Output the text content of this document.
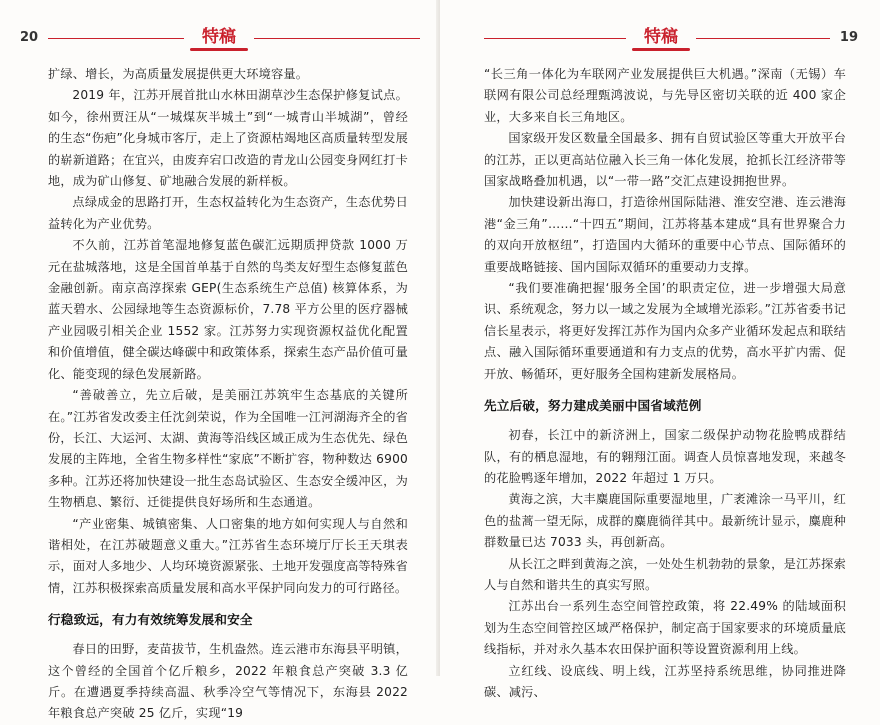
20	特稿

扩绿、增长，为高质量发展提供更大环境容量。

2019 年，江苏开展首批山水林田湖草沙生态保护修复试点。如今，徐州贾汪从“一城煤灰半城土”到“一城青山半城湖”，曾经的生态“伤疤”化身城市客厅，走上了资源枯竭地区高质量转型发展的崭新道路；在宜兴，由废弃宕口改造的青龙山公园变身网红打卡地，成为矿山修复、矿地融合发展的新样板。

点绿成金的思路打开，生态权益转化为生态资产，生态优势日益转化为产业优势。

不久前，江苏首笔湿地修复蓝色碳汇远期质押贷款 1000 万元在盐城落地，这是全国首单基于自然的鸟类友好型生态修复蓝色金融创新。南京高淳探索 GEP(生态系统生产总值) 核算体系，为蓝天碧水、公园绿地等生态资源标价，7.78 平方公里的医疗器械产业园吸引相关企业 1552 家。江苏努力实现资源权益优化配置和价值增值，健全碳达峰碳中和政策体系，探索生态产品价值可量化、能变现的绿色发展新路。

“善破善立，先立后破，是美丽江苏筑牢生态基底的关键所在。”江苏省发改委主任沈剑荣说，作为全国唯一江河湖海齐全的省份，长江、大运河、太湖、黄海等沿线区域正成为生态优先、绿色发展的主阵地，全省生物多样性“家底”不断扩容，物种数达 6900 多种。江苏还将加快建设一批生态岛试验区、生态安全缓冲区，为生物栖息、繁衍、迁徙提供良好场所和生态通道。

“产业密集、城镇密集、人口密集的地方如何实现人与自然和谐相处，在江苏破题意义重大。”江苏省生态环境厅厅长王天琪表示，面对人多地少、人均环境资源紧张、土地开发强度高等特殊省情，江苏积极探索高质量发展和高水平保护同向发力的可行路径。

行稳致远，有力有效统筹发展和安全

春日的田野，麦苗拔节，生机盎然。连云港市东海县平明镇，这个曾经的全国首个亿斤粮乡，2022 年粮食总产突破 3.3 亿斤。在遭遇夏季持续高温、秋季冷空气等情况下，东海县 2022 年粮食总产突破 25 亿斤，实现“19

特稿	19

“长三角一体化为车联网产业发展提供巨大机遇。”深南（无锡）车联网有限公司总经理甄鸿波说，与先导区密切关联的近 400 家企业，大多来自长三角地区。

国家级开发区数量全国最多、拥有自贸试验区等重大开放平台的江苏，正以更高站位融入长三角一体化发展，抢抓长江经济带等国家战略叠加机遇，以“一带一路”交汇点建设拥抱世界。

加快建设新出海口，打造徐州国际陆港、淮安空港、连云港海港“金三角”……“十四五”期间，江苏将基本建成“具有世界聚合力的双向开放枢纽”，打造国内大循环的重要中心节点、国际循环的重要战略链接、国内国际双循环的重要动力支撑。

“我们要准确把握‘服务全国’的职责定位，进一步增强大局意识、系统观念，努力以一域之发展为全域增光添彩。”江苏省委书记信长星表示，将更好发挥江苏作为国内众多产业循环发起点和联结点、融入国际循环重要通道和有力支点的优势，高水平扩内需、促开放、畅循环，更好服务全国构建新发展格局。

先立后破，努力建成美丽中国省域范例

初春，长江中的新济洲上，国家二级保护动物花脸鸭成群结队，有的栖息湿地，有的翱翔江面。调查人员惊喜地发现，来越冬的花脸鸭逐年增加，2022 年超过 1 万只。

黄海之滨，大丰麋鹿国际重要湿地里，广袤滩涂一马平川，红色的盐蒿一望无际，成群的麋鹿徜徉其中。最新统计显示，麋鹿种群数量已达 7033 头，再创新高。

从长江之畔到黄海之滨，一处处生机勃勃的景象，是江苏探索人与自然和谐共生的真实写照。

江苏出台一系列生态空间管控政策，将 22.49% 的陆域面积划为生态空间管控区域严格保护，制定高于国家要求的环境质量底线指标，并对永久基本农田保护面积等设置资源利用上线。

立红线、设底线、明上线，江苏坚持系统思维，协同推进降碳、减污、
